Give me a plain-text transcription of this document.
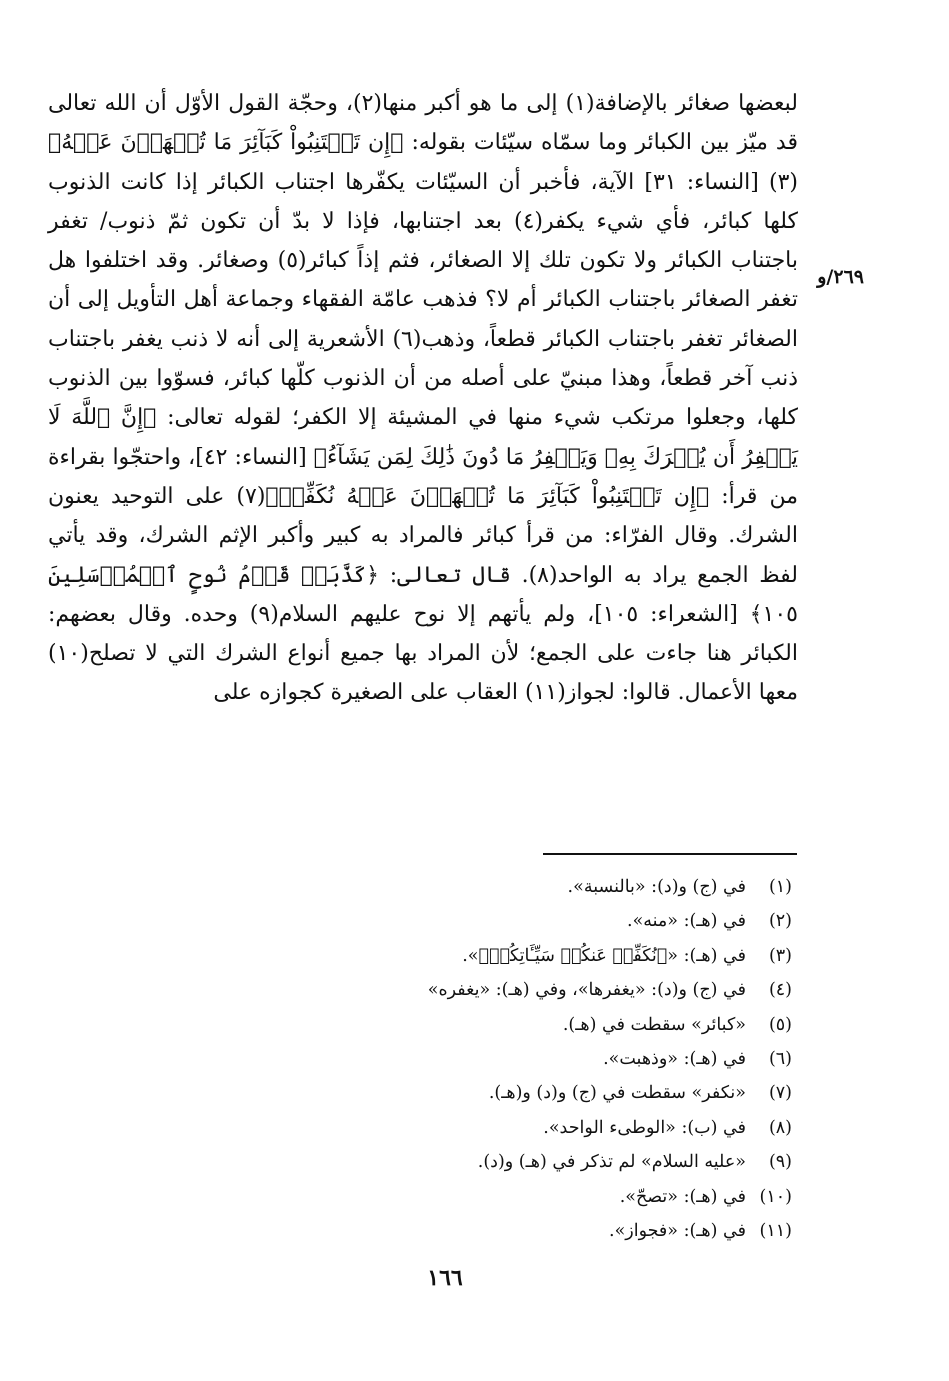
٢٦٩/و

لبعضها صغائر بالإضافة(١) إلى ما هو أكبر منها(٢)، وحجّة القول الأوّل أن الله تعالى قد ميّز بين الكبائر وما سمّاه سيّئات بقوله: ﴿إِن تَجۡتَنِبُواْ كَبَآئِرَ مَا تُنۡهَوۡنَ عَنۡهُ﴾(٣) [النساء: ٣١] الآية، فأخبر أن السيّئات يكفّرها اجتناب الكبائر إذا كانت الذنوب كلها كبائر، فأي شيء يكفر(٤) بعد اجتنابها، فإذا لا بدّ أن تكون ثمّ ذنوب/ تغفر باجتناب الكبائر ولا تكون تلك إلا الصغائر، فثم إذاً كبائر(٥) وصغائر. وقد اختلفوا هل تغفر الصغائر باجتناب الكبائر أم لا؟ فذهب عامّة الفقهاء وجماعة أهل التأويل إلى أن الصغائر تغفر باجتناب الكبائر قطعاً، وذهب(٦) الأشعرية إلى أنه لا ذنب يغفر باجتناب ذنب آخر قطعاً، وهذا مبنيّ على أصله من أن الذنوب كلّها كبائر، فسوّوا بين الذنوب كلها، وجعلوا مرتكب شيء منها في المشيئة إلا الكفر؛ لقوله تعالى: ﴿إِنَّ ٱللَّهَ لَا يَغۡفِرُ أَن يُشۡرَكَ بِهِۦ وَيَغۡفِرُ مَا دُونَ ذَٰلِكَ لِمَن يَشَآءُ﴾ [النساء: ٤٢]، واحتجّوا بقراءة من قرأ: ﴿إِن تَجۡتَنِبُواْ كَبَآئِرَ مَا تُنۡهَوۡنَ عَنۡهُ نُكَفِّرۡ﴾(٧) على التوحيد يعنون الشرك. وقال الفرّاء: من قرأ كبائر فالمراد به كبير وأكبر الإثم الشرك، وقد يأتي لفظ الجمع يراد به الواحد(٨). قال تعالى: ﴿كَذَّبَتۡ قَوۡمُ نُوحٍ ٱلۡمُرۡسَلِينَ ١٠٥﴾ [الشعراء: ١٠٥]، ولم يأتهم إلا نوح عليهم السلام(٩) وحده. وقال بعضهم: الكبائر هنا جاءت على الجمع؛ لأن المراد بها جميع أنواع الشرك التي لا تصلح(١٠) معها الأعمال. قالوا: لجواز(١١) العقاب على الصغيرة كجوازه على

(١)في (ج) و(د): «بالنسبة».
(٢)في (هـ): «منه».
(٣)في (هـ): «﴿نُكَفِّرۡ عَنكُمۡ سَيِّـَٔاتِكُمۡ﴾».
(٤)في (ج) و(د): «يغفرها»، وفي (هـ): «يغفره»
(٥)«كبائر» سقطت في (هـ).
(٦)في (هـ): «وذهبت».
(٧)«نكفر» سقطت في (ج) و(د) و(هـ).
(٨)في (ب): «الوطىء الواحد».
(٩)«عليه السلام» لم تذكر في (هـ) و(د).
(١٠)في (هـ): «تصحّ».
(١١)في (هـ): «فجواز».
١٦٦
